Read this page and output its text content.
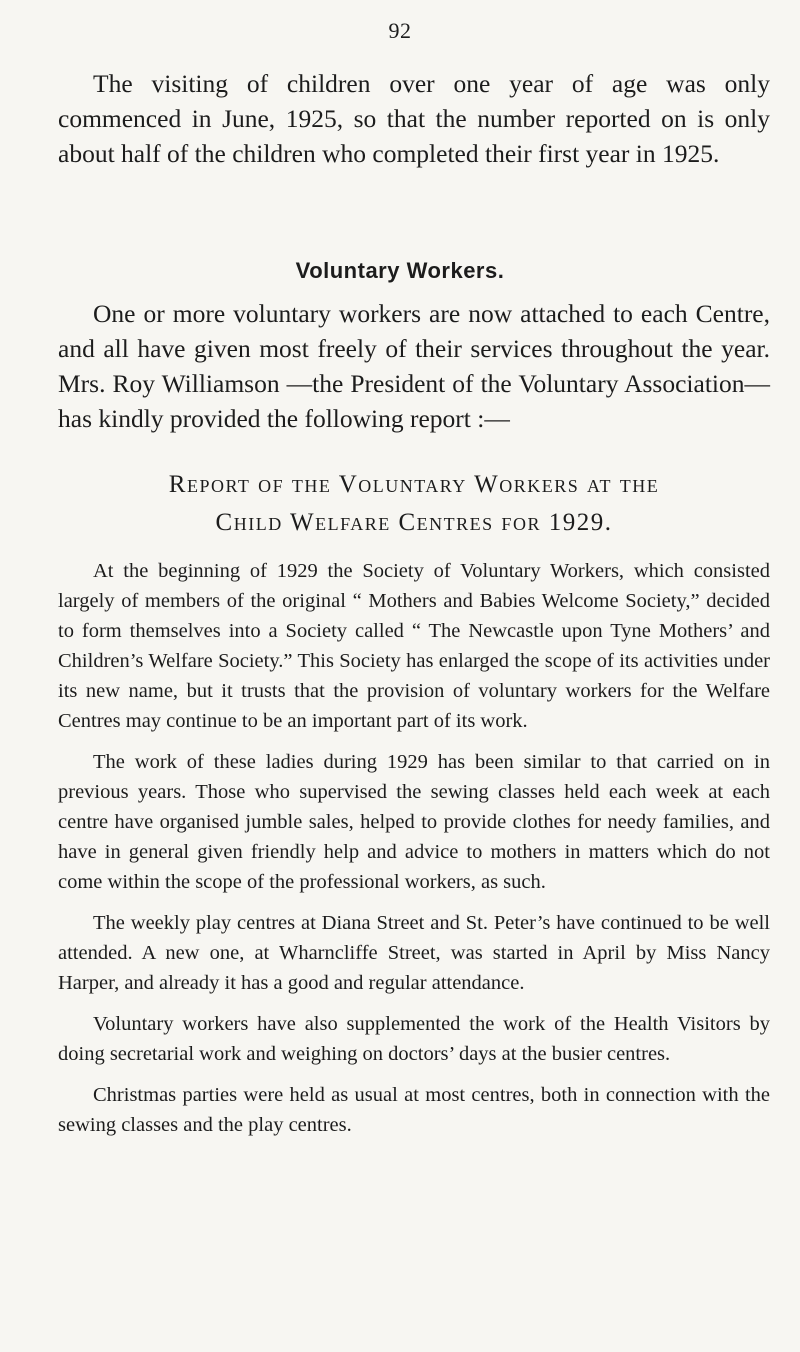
92
The visiting of children over one year of age was only commenced in June, 1925, so that the number reported on is only about half of the children who completed their first year in 1925.
Voluntary Workers.
One or more voluntary workers are now attached to each Centre, and all have given most freely of their services throughout the year. Mrs. Roy Williamson —the President of the Voluntary Association—has kindly provided the following report :—
Report of the Voluntary Workers at the
Child Welfare Centres for 1929.

At the beginning of 1929 the Society of Voluntary Workers, which consisted largely of members of the original “ Mothers and Babies Welcome Society,” decided to form themselves into a Society called “ The Newcastle upon Tyne Mothers’ and Children’s Welfare Society.” This Society has enlarged the scope of its activities under its new name, but it trusts that the provision of voluntary workers for the Welfare Centres may continue to be an important part of its work.

The work of these ladies during 1929 has been similar to that carried on in previous years. Those who supervised the sewing classes held each week at each centre have organised jumble sales, helped to provide clothes for needy families, and have in general given friendly help and advice to mothers in matters which do not come within the scope of the professional workers, as such.

The weekly play centres at Diana Street and St. Peter’s have continued to be well attended. A new one, at Wharncliffe Street, was started in April by Miss Nancy Harper, and already it has a good and regular attendance.

Voluntary workers have also supplemented the work of the Health Visitors by doing secretarial work and weighing on doctors’ days at the busier centres.

Christmas parties were held as usual at most centres, both in connection with the sewing classes and the play centres.
